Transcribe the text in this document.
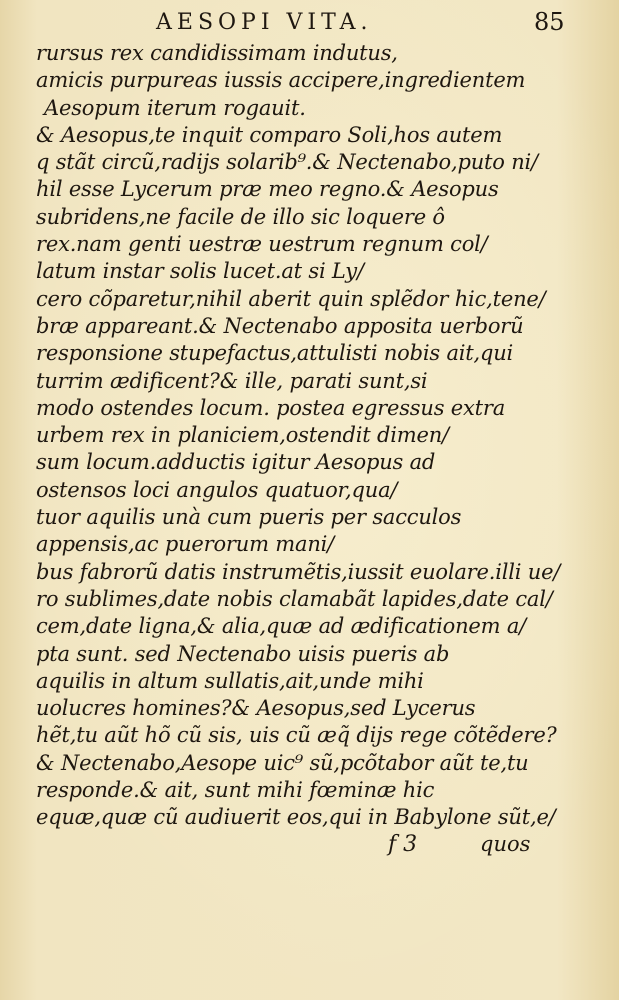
AESOPI VITA.	85
rursus rex candidissimam indutus,
amicis purpureas iussis accipere,ingredientem
Aesopum iterum rogauit.
& Aesopus,te inquit comparo Soli,hos autem
q stãt circũ,radijs solarib⁹.& Nectenabo,puto ni/
hil esse Lycerum præ meo regno.& Aesopus
subridens,ne facile de illo sic loquere ô
rex.nam genti uestræ uestrum regnum col/
latum instar solis lucet.at si Ly/
cero cõparetur,nihil aberit quin splẽdor hic,tene/
bræ appareant.& Nectenabo apposita uerborũ
responsione stupefactus,attulisti nobis ait,qui
turrim ædificent?& ille, parati sunt,si
modo ostendes locum. postea egressus extra
urbem rex in planiciem,ostendit dimen/
sum locum.adductis igitur Aesopus ad
ostensos loci angulos quatuor,qua/
tuor aquilis unà cum pueris per sacculos
appensis,ac puerorum mani/
bus fabrorũ datis instrumẽtis,iussit euolare.illi ue/
ro sublimes,date nobis clamabãt lapides,date cal/
cem,date ligna,& alia,quæ ad ædificationem a/
pta sunt. sed Nectenabo uisis pueris ab
aquilis in altum sullatis,ait,unde mihi
uolucres homines?& Aesopus,sed Lycerus
hẽt,tu aũt hõ cũ sis, uis cũ æq̃ dijs rege cõtẽdere?
& Nectenabo,Aesope uic⁹ sũ,pcõtabor aũt te,tu
responde.& ait, sunt mihi fœminæ hic
equæ,quæ cũ audiuerit eos,qui in Babylone sũt,e/
f 3	quos
